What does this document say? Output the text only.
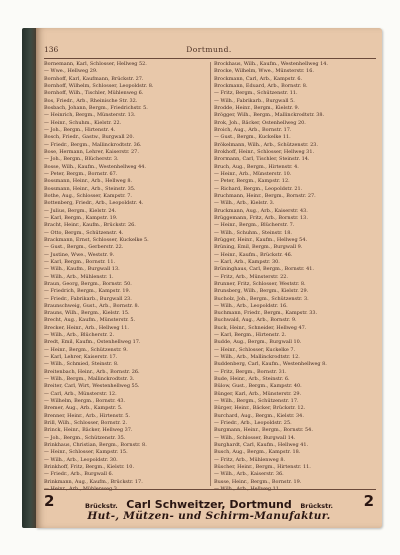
136	Dortmund.
Bornemann, Karl, Schlosser, Hellweg 52.
— Wwe., Hellweg 29.
Bornhoff, Karl, Kaufmann, Brückstr. 27.
Bornhoff, Wilhelm, Schlosser, Leopoldstr. 8.
Bornhoff, Wilh., Tischler, Mühlenweg 6.
Bos, Friedr., Arb., Rheinische Str. 32.
Bosbach, Johann, Bergm., Friedrichstr. 5.
— Heinrich, Bergm., Münsterstr. 13.
— Heinr., Schuhm., Kielstr. 22.
— Joh., Bergm., Hirtenstr. 4.
Bosch, Friedr., Gastw., Burgwall 20.
— Friedr., Bergm., Mallinckrodtstr. 36.
Bose, Hermann, Lehrer, Kaiserstr. 27.
— Joh., Bergm., Blücherstr. 3.
Bosse, Wilh., Kaufm., Westenhellweg 44.
— Peter, Bergm., Bornstr. 67.
Bossmann, Heinr., Arb., Hellweg 8.
Bossmann, Heinr., Arb., Steinstr. 35.
Bothe, Aug., Schlosser, Kampstr. 7.
Bottenberg, Friedr., Arb., Leopoldstr. 4.
— Julius, Bergm., Kielstr. 24.
— Karl, Bergm., Kampstr. 19.
Bracht, Heinr., Kaufm., Brückstr. 26.
— Otto, Bergm., Schützenstr. 4.
Brackmann, Ernst, Schlosser, Kuckelke 5.
— Gust., Bergm., Gerberstr. 22.
— Justine, Wwe., Weststr. 9.
— Karl, Bergm., Bornstr. 11.
— Wilh., Kaufm., Burgwall 13.
— Wilh., Arb., Mühlenstr. 1.
Braun, Georg, Bergm., Bornstr. 50.
— Friedrich, Bergm., Kampstr. 19.
— Friedr., Fabrikarb., Burgwall 23.
Braunschweig, Gust., Arb., Bornstr. 8.
Brauns, Wilh., Bergm., Kielstr. 15.
Brecht, Aug., Kaufm., Münsterstr. 5.
Brecker, Heinr., Arb., Hellweg 11.
— Wilh., Arb., Blücherstr. 2.
Bredt, Emil, Kaufm., Ostenhellweg 17.
— Heinr., Bergm., Schützenstr. 9.
— Karl, Lehrer, Kaiserstr. 17.
— Wilh., Schmied, Steinstr. 8.
Breitenbach, Heinr., Arb., Bornstr. 26.
— Wilh., Bergm., Mallinckrodtstr. 3.
Breiter, Carl, Wirt, Westenhellweg 55.
— Carl, Arb., Münsterstr. 12.
— Wilhelm, Bergm., Bornstr. 43.
Bremer, Aug., Arb., Kampstr. 5.
Brenner, Heinr., Arb., Hirtenstr. 5.
Brill, Wilh., Schlosser, Bornstr. 2.
Brinck, Heinr., Bäcker, Hellweg 37.
— Joh., Bergm., Schützenstr. 35.
Brinkhaus, Christian, Bergm., Bornstr. 8.
— Heinr., Schlosser, Kampstr. 15.
— Wilh., Arb., Leopoldstr. 30.
Brinkhoff, Fritz, Bergm., Kielstr. 10.
— Friedr., Arb., Burgwall 6.
Brinkmann, Aug., Kaufm., Brückstr. 17.
— Heinr., Arb., Mühlenweg 3.
Brockhaus, Wilh., Kaufm., Westenhellweg 14.
Brocke, Wilhelm, Wwe., Münsterstr. 16.
Brockmann, Carl, Arb., Kampstr. 6.
Brockmann, Eduard, Arb., Bornstr. 8.
— Fritz, Bergm., Schützenstr. 11.
— Wilh., Fabrikarb., Burgwall 5.
Brodde, Heinr., Bergm., Kielstr. 9.
Brögger, Wilh., Bergm., Mallinckrodtstr. 38.
Brok, Joh., Bäcker, Ostenhellweg 20.
Broich, Aug., Arb., Bornstr. 17.
— Gust., Bergm., Kuckelke 11.
Brökelmann, Wilh., Arb., Schützenstr. 23.
Brokhoff, Heinr., Schlosser, Hellweg 31.
Brormann, Carl, Tischler, Steinstr. 14.
Bruch, Aug., Bergm., Hirtenstr. 4.
— Heinr., Arb., Münsterstr. 10.
— Peter, Bergm., Kampstr. 12.
— Richard, Bergm., Leopoldstr. 21.
Bruchmann, Heinr., Bergm., Bornstr. 27.
— Wilh., Arb., Kielstr. 3.
Bruckmann, Aug., Arb., Kaiserstr. 43.
Brüggemann, Fritz, Arb., Bornstr. 13.
— Heinr., Bergm., Blücherstr. 7.
— Wilh., Schuhm., Steinstr. 18.
Brügger, Heinr., Kaufm., Hellweg 54.
Brüning, Emil, Bergm., Burgwall 9.
— Heinr., Kaufm., Brückstr. 46.
— Karl, Arb., Kampstr. 30.
Brüninghaus, Carl, Bergm., Bornstr. 41.
— Fritz, Arb., Münsterstr. 22.
Brunner, Fritz, Schlosser, Weststr. 8.
Brunsberg, Wilh., Bergm., Kielstr. 29.
Bucholz, Joh., Bergm., Schützenstr. 3.
— Wilh., Arb., Leopoldstr. 16.
Buchmann, Friedr., Bergm., Kampstr. 33.
Buchwald, Aug., Arb., Bornstr. 9.
Buck, Heinr., Schneider, Hellweg 47.
— Karl, Bergm., Hirtenstr. 2.
Budde, Aug., Bergm., Burgwall 10.
— Heinr., Schlosser, Kuckelke 7.
— Wilh., Arb., Mallinckrodtstr. 12.
Buddenberg, Carl, Kaufm., Westenhellweg 8.
— Fritz, Bergm., Bornstr. 31.
Bude, Heinr., Arb., Steinstr. 6.
Bülow, Gust., Bergm., Kampstr. 40.
Bünger, Karl, Arb., Münsterstr. 29.
— Wilh., Bergm., Schützenstr. 17.
Bürger, Heinr., Bäcker, Brückstr. 12.
Burchard, Aug., Bergm., Kielstr. 34.
— Friedr., Arb., Leopoldstr. 25.
Burgmann, Heinr., Bergm., Bornstr. 54.
— Wilh., Schlosser, Burgwall 14.
Burghardt, Carl, Kaufm., Hellweg 41.
Busch, Aug., Bergm., Kampstr. 18.
— Fritz, Arb., Mühlenweg 8.
Büscher, Heinr., Bergm., Hirtenstr. 11.
— Wilh., Arb., Kaiserstr. 36.
Busse, Heinr., Bergm., Bornstr. 19.
— Wilh., Arb., Hellweg 11.
2	Brückstr. Carl Schweitzer, Dortmund Brückstr.	2
Hut-, Mützen- und Schirm-Manufaktur.
